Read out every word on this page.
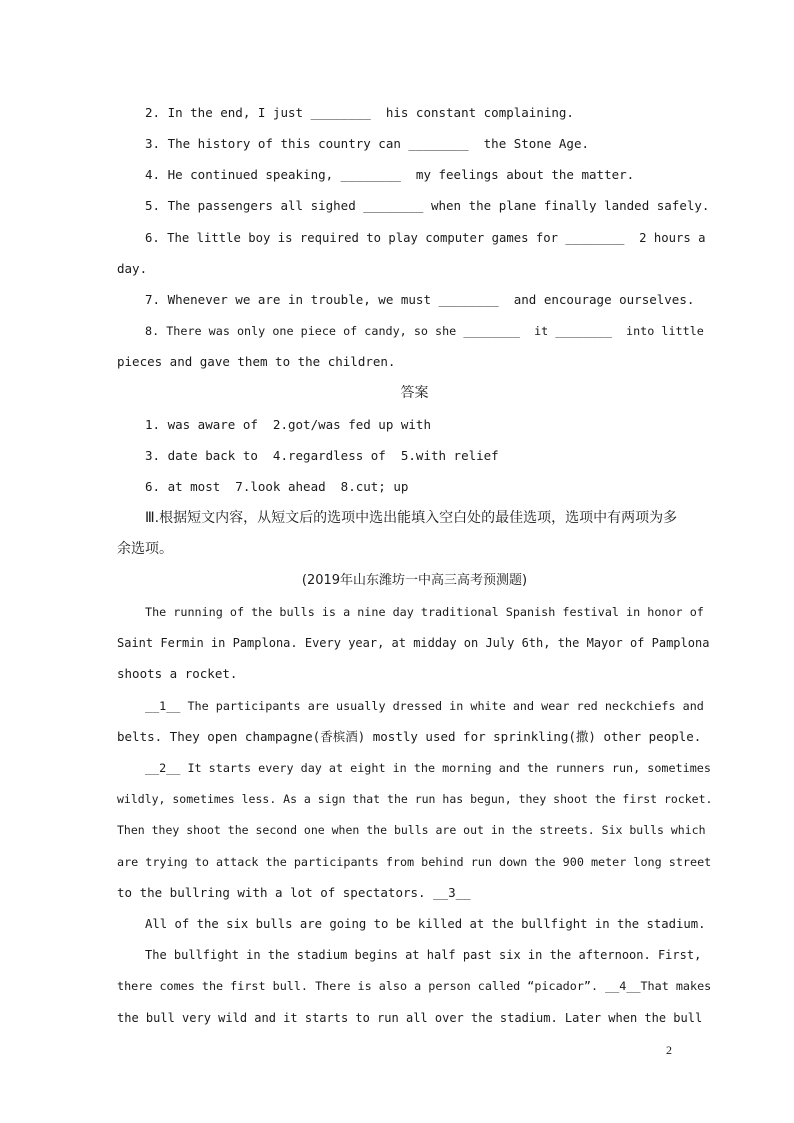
2. In the end, I just ________  his constant complaining.
3. The history of this country can ________  the Stone Age.
4. He continued speaking, ________  my feelings about the matter.
5. The passengers all sighed ________ when the plane finally landed safely.
6. The little boy is required to play computer games for ________  2 hours a
day.
7. Whenever we are in trouble, we must ________  and encourage ourselves.
8. There was only one piece of candy, so she ________  it ________  into little
pieces and gave them to the children.
答案
1. was aware of  2.got/was fed up with
3. date back to  4.regardless of  5.with relief
6. at most  7.look ahead  8.cut; up
Ⅲ.根据短文内容，从短文后的选项中选出能填入空白处的最佳选项，选项中有两项为多
余选项。
(2019年山东潍坊一中高三高考预测题)
The running of the bulls is a nine day traditional Spanish festival in honor of
Saint Fermin in Pamplona. Every year, at midday on July 6th, the Mayor of Pamplona
shoots a rocket.
__1__ The participants are usually dressed in white and wear red neckchiefs and
belts. They open champagne(香槟酒) mostly used for sprinkling(撒) other people.
__2__ It starts every day at eight in the morning and the runners run, sometimes
wildly, sometimes less. As a sign that the run has begun, they shoot the first rocket.
Then they shoot the second one when the bulls are out in the streets. Six bulls which
are trying to attack the participants from behind run down the 900 meter long street
to the bullring with a lot of spectators. __3__
All of the six bulls are going to be killed at the bullfight in the stadium.
The bullfight in the stadium begins at half past six in the afternoon. First,
there comes the first bull. There is also a person called “picador”. __4__That makes
the bull very wild and it starts to run all over the stadium. Later when the bull
2
